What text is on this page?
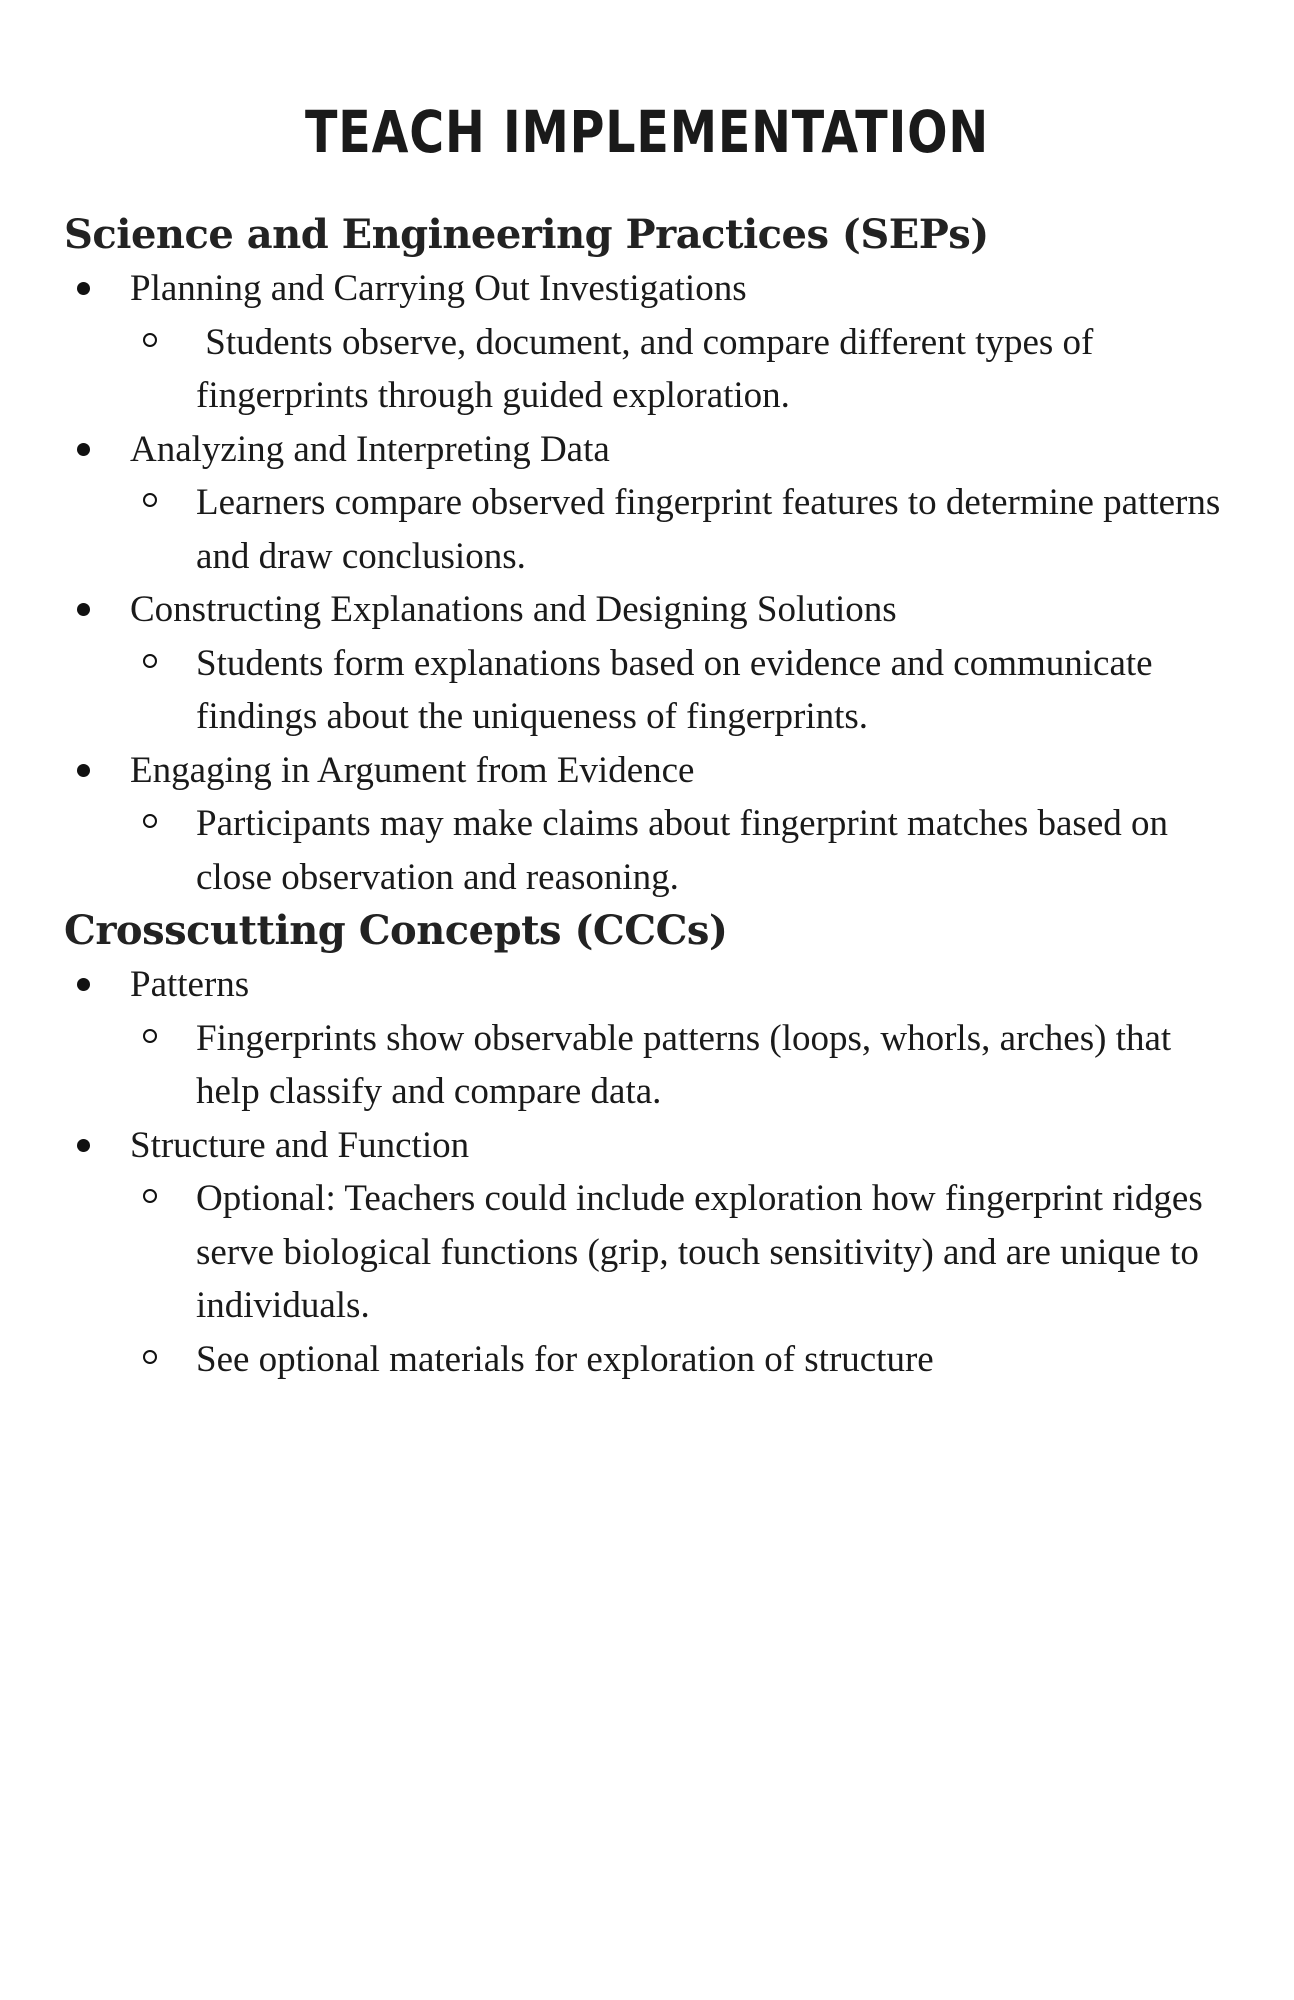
TEACH IMPLEMENTATION
Science and Engineering Practices (SEPs)
Planning and Carrying Out Investigations
Students observe, document, and compare different types of fingerprints through guided exploration.
Analyzing and Interpreting Data
Learners compare observed fingerprint features to determine patterns and draw conclusions.
Constructing Explanations and Designing Solutions
Students form explanations based on evidence and communicate findings about the uniqueness of fingerprints.
Engaging in Argument from Evidence
Participants may make claims about fingerprint matches based on close observation and reasoning.
Crosscutting Concepts (CCCs)
Patterns
Fingerprints show observable patterns (loops, whorls, arches) that help classify and compare data.
Structure and Function
Optional: Teachers could include exploration how fingerprint ridges serve biological functions (grip, touch sensitivity) and are unique to individuals.
See optional materials for exploration of structure
